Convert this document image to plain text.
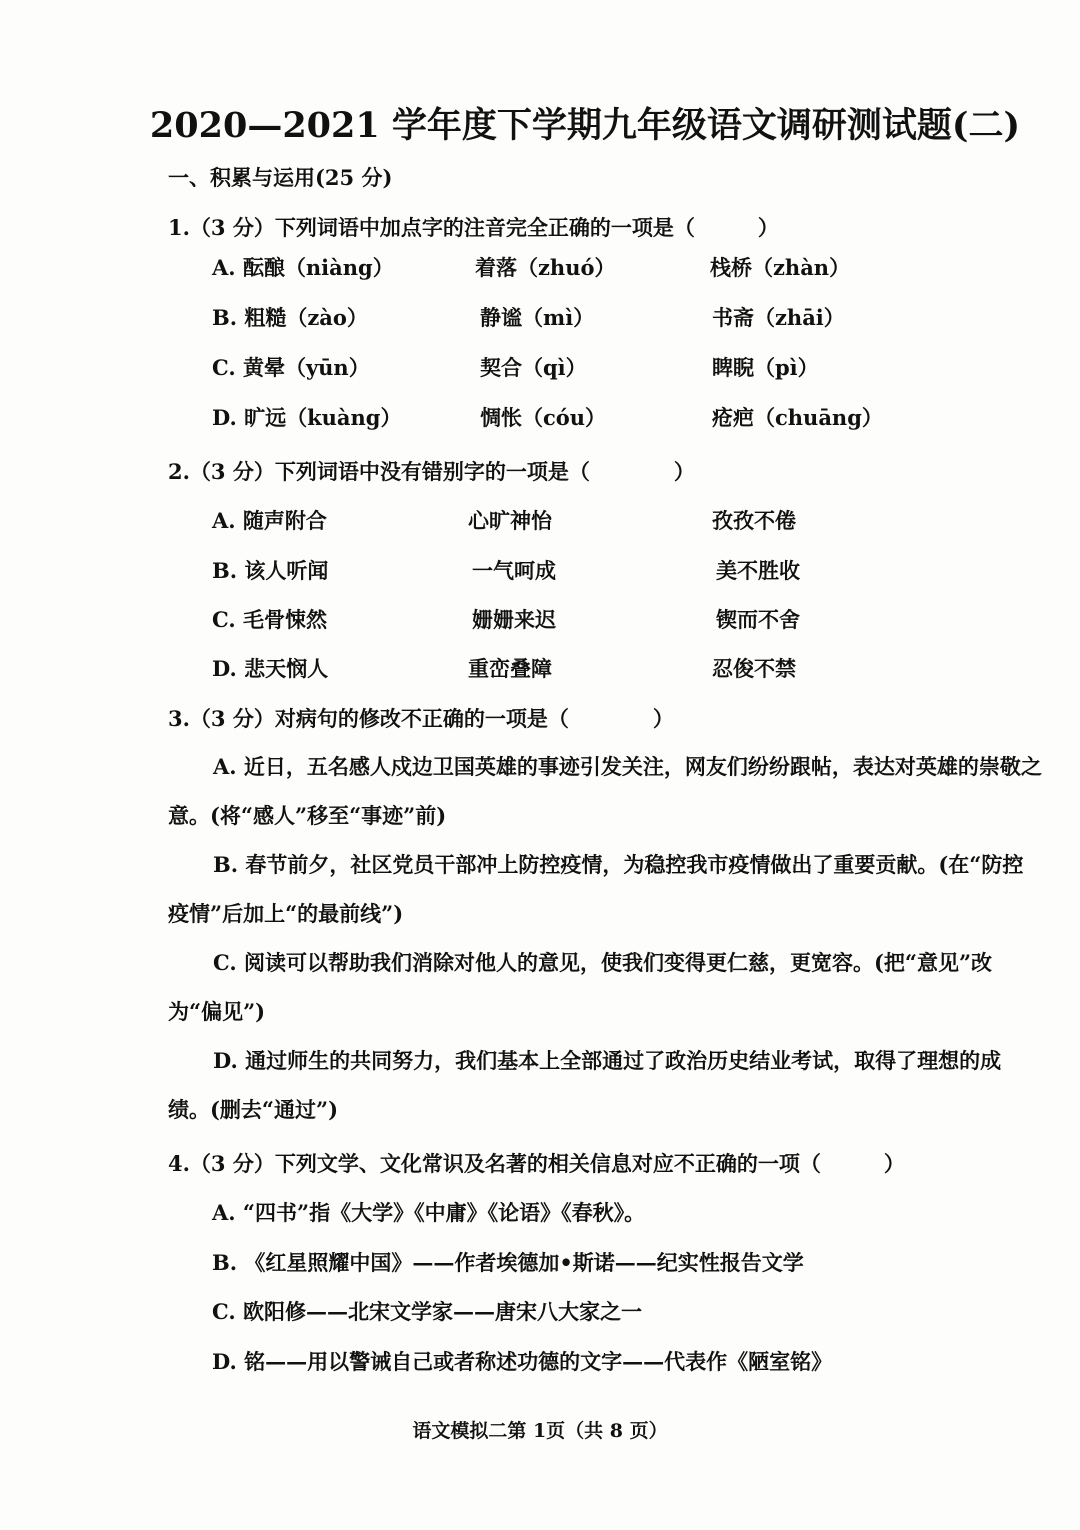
2020—2021 学年度下学期九年级语文调研测试题(二)
一、积累与运用(25 分)
1.（3 分）下列词语中加点字的注音完全正确的一项是（　　　）
A. 酝酿（niàng）	着落（zhuó）	栈桥（zhàn）
B. 粗糙（zào）	静谧（mì）	书斋（zhāi）
C. 黄晕（yūn）	契合（qì）	睥睨（pì）
D. 旷远（kuàng）	惆怅（cóu）	疮疤（chuāng）
2.（3 分）下列词语中没有错别字的一项是（　　　　）
A. 随声附合	心旷神怡	孜孜不倦
B. 该人听闻	一气呵成	美不胜收
C. 毛骨悚然	姗姗来迟	锲而不舍
D. 悲天悯人	重峦叠障	忍俊不禁
3.（3 分）对病句的修改不正确的一项是（　　　　）
A. 近日，五名感人戍边卫国英雄的事迹引发关注，网友们纷纷跟帖，表达对英雄的崇敬之意。(将“感人”移至“事迹”前)
B. 春节前夕，社区党员干部冲上防控疫情，为稳控我市疫情做出了重要贡献。(在“防控疫情”后加上“的最前线”)
C. 阅读可以帮助我们消除对他人的意见，使我们变得更仁慈，更宽容。(把“意见”改为“偏见”)
D. 通过师生的共同努力，我们基本上全部通过了政治历史结业考试，取得了理想的成绩。(删去“通过”)
4.（3 分）下列文学、文化常识及名著的相关信息对应不正确的一项（　　　）
A. “四书”指《大学》《中庸》《论语》《春秋》。
B. 《红星照耀中国》——作者埃德加•斯诺——纪实性报告文学
C. 欧阳修——北宋文学家——唐宋八大家之一
D. 铭——用以警诫自己或者称述功德的文字——代表作《陋室铭》
语文模拟二第 1页（共 8 页）
